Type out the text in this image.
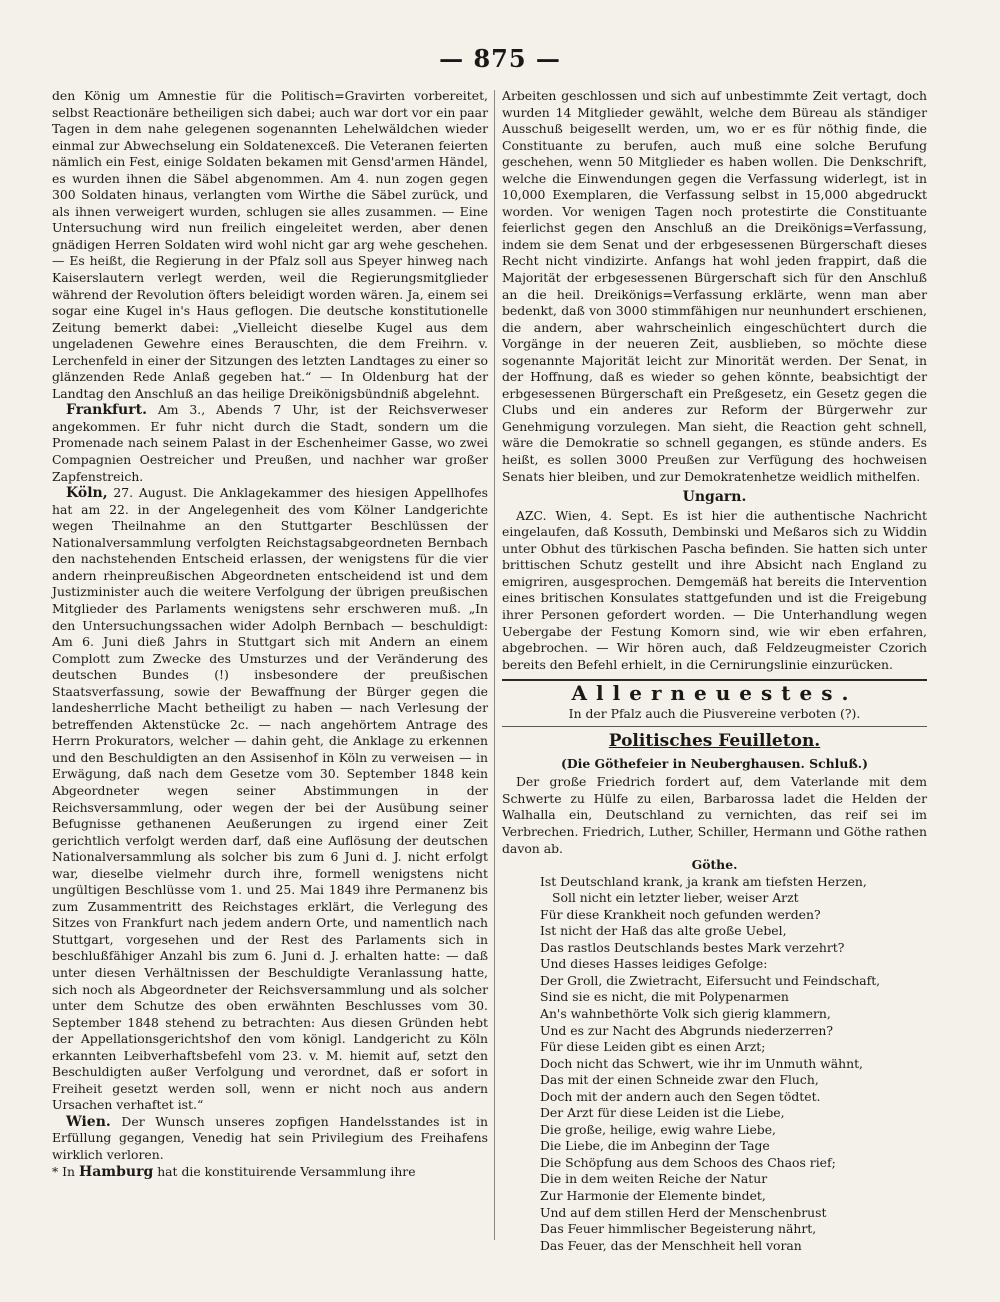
— 875 —

den König um Amnestie für die Politisch=Gravirten vorbereitet, selbst Reactionäre betheiligen sich dabei; auch war dort vor ein paar Tagen in dem nahe gelegenen sogenannten Lehelwäldchen wieder einmal zur Abwechselung ein Soldatenexceß. Die Veteranen feierten nämlich ein Fest, einige Soldaten bekamen mit Gensd'armen Händel, es wurden ihnen die Säbel abgenommen. Am 4. nun zogen gegen 300 Soldaten hinaus, verlangten vom Wirthe die Säbel zurück, und als ihnen verweigert wurden, schlugen sie alles zusammen. — Eine Untersuchung wird nun freilich eingeleitet werden, aber denen gnädigen Herren Soldaten wird wohl nicht gar arg wehe geschehen. — Es heißt, die Regierung in der Pfalz soll aus Speyer hinweg nach Kaiserslautern verlegt werden, weil die Regierungsmitglieder während der Revolution öfters beleidigt worden wären. Ja, einem sei sogar eine Kugel in's Haus geflogen. Die deutsche konstitutionelle Zeitung bemerkt dabei: „Vielleicht dieselbe Kugel aus dem ungeladenen Gewehre eines Berauschten, die dem Freihrn. v. Lerchenfeld in einer der Sitzungen des letzten Landtages zu einer so glänzenden Rede Anlaß gegeben hat.“ — In Oldenburg hat der Landtag den Anschluß an das heilige Dreikönigsbündniß abgelehnt.

Frankfurt. Am 3., Abends 7 Uhr, ist der Reichsverweser angekommen. Er fuhr nicht durch die Stadt, sondern um die Promenade nach seinem Palast in der Eschenheimer Gasse, wo zwei Compagnien Oestreicher und Preußen, und nachher war großer Zapfenstreich.

Köln, 27. August. Die Anklagekammer des hiesigen Appellhofes hat am 22. in der Angelegenheit des vom Kölner Landgerichte wegen Theilnahme an den Stuttgarter Beschlüssen der Nationalversammlung verfolgten Reichstagsabgeordneten Bernbach den nachstehenden Entscheid erlassen, der wenigstens für die vier andern rheinpreußischen Abgeordneten entscheidend ist und dem Justizminister auch die weitere Verfolgung der übrigen preußischen Mitglieder des Parlaments wenigstens sehr erschweren muß. „In den Untersuchungssachen wider Adolph Bernbach — beschuldigt: Am 6. Juni dieß Jahrs in Stuttgart sich mit Andern an einem Complott zum Zwecke des Umsturzes und der Veränderung des deutschen Bundes (!) insbesondere der preußischen Staatsverfassung, sowie der Bewaffnung der Bürger gegen die landesherrliche Macht betheiligt zu haben — nach Verlesung der betreffenden Aktenstücke 2c. — nach angehörtem Antrage des Herrn Prokurators, welcher — dahin geht, die Anklage zu erkennen und den Beschuldigten an den Assisenhof in Köln zu verweisen — in Erwägung, daß nach dem Gesetze vom 30. September 1848 kein Abgeordneter wegen seiner Abstimmungen in der Reichsversammlung, oder wegen der bei der Ausübung seiner Befugnisse gethanenen Aeußerungen zu irgend einer Zeit gerichtlich verfolgt werden darf, daß eine Auflösung der deutschen Nationalversammlung als solcher bis zum 6 Juni d. J. nicht erfolgt war, dieselbe vielmehr durch ihre, formell wenigstens nicht ungültigen Beschlüsse vom 1. und 25. Mai 1849 ihre Permanenz bis zum Zusammentritt des Reichstages erklärt, die Verlegung des Sitzes von Frankfurt nach jedem andern Orte, und namentlich nach Stuttgart, vorgesehen und der Rest des Parlaments sich in beschlußfähiger Anzahl bis zum 6. Juni d. J. erhalten hatte: — daß unter diesen Verhältnissen der Beschuldigte Veranlassung hatte, sich noch als Abgeordneter der Reichsversammlung und als solcher unter dem Schutze des oben erwähnten Beschlusses vom 30. September 1848 stehend zu betrachten: Aus diesen Gründen hebt der Appellationsgerichtshof den vom königl. Landgericht zu Köln erkannten Leibverhaftsbefehl vom 23. v. M. hiemit auf, setzt den Beschuldigten außer Verfolgung und verordnet, daß er sofort in Freiheit gesetzt werden soll, wenn er nicht noch aus andern Ursachen verhaftet ist.“

Wien. Der Wunsch unseres zopfigen Handelsstandes ist in Erfüllung gegangen, Venedig hat sein Privilegium des Freihafens wirklich verloren.

* In Hamburg hat die konstituirende Versammlung ihre

Arbeiten geschlossen und sich auf unbestimmte Zeit vertagt, doch wurden 14 Mitglieder gewählt, welche dem Büreau als ständiger Ausschuß beigesellt werden, um, wo er es für nöthig finde, die Constituante zu berufen, auch muß eine solche Berufung geschehen, wenn 50 Mitglieder es haben wollen. Die Denkschrift, welche die Einwendungen gegen die Verfassung widerlegt, ist in 10,000 Exemplaren, die Verfassung selbst in 15,000 abgedruckt worden. Vor wenigen Tagen noch protestirte die Constituante feierlichst gegen den Anschluß an die Dreikönigs=Verfassung, indem sie dem Senat und der erbgesessenen Bürgerschaft dieses Recht nicht vindizirte. Anfangs hat wohl jeden frappirt, daß die Majorität der erbgesessenen Bürgerschaft sich für den Anschluß an die heil. Dreikönigs=Verfassung erklärte, wenn man aber bedenkt, daß von 3000 stimmfähigen nur neunhundert erschienen, die andern, aber wahrscheinlich eingeschüchtert durch die Vorgänge in der neueren Zeit, ausblieben, so möchte diese sogenannte Majorität leicht zur Minorität werden. Der Senat, in der Hoffnung, daß es wieder so gehen könnte, beabsichtigt der erbgesessenen Bürgerschaft ein Preßgesetz, ein Gesetz gegen die Clubs und ein anderes zur Reform der Bürgerwehr zur Genehmigung vorzulegen. Man sieht, die Reaction geht schnell, wäre die Demokratie so schnell gegangen, es stünde anders. Es heißt, es sollen 3000 Preußen zur Verfügung des hochweisen Senats hier bleiben, und zur Demokratenhetze weidlich mithelfen.

Ungarn.

AZC. Wien, 4. Sept. Es ist hier die authentische Nachricht eingelaufen, daß Kossuth, Dembinski und Meßaros sich zu Widdin unter Obhut des türkischen Pascha befinden. Sie hatten sich unter brittischen Schutz gestellt und ihre Absicht nach England zu emigriren, ausgesprochen. Demgemäß hat bereits die Intervention eines britischen Konsulates stattgefunden und ist die Freigebung ihrer Personen gefordert worden. — Die Unterhandlung wegen Uebergabe der Festung Komorn sind, wie wir eben erfahren, abgebrochen. — Wir hören auch, daß Feldzeugmeister Czorich bereits den Befehl erhielt, in die Cernirungslinie einzurücken.

Allerneuestes.
In der Pfalz auch die Piusvereine verboten (?).
Politisches Feuilleton.
(Die Göthefeier in Neuberghausen. Schluß.)

Der große Friedrich fordert auf, dem Vaterlande mit dem Schwerte zu Hülfe zu eilen, Barbarossa ladet die Helden der Walhalla ein, Deutschland zu vernichten, das reif sei im Verbrechen. Friedrich, Luther, Schiller, Hermann und Göthe rathen davon ab.

Göthe.
Ist Deutschland krank, ja krank am tiefsten Herzen,
Soll nicht ein letzter lieber, weiser Arzt
Für diese Krankheit noch gefunden werden?
Ist nicht der Haß das alte große Uebel,
Das rastlos Deutschlands bestes Mark verzehrt?
Und dieses Hasses leidiges Gefolge:
Der Groll, die Zwietracht, Eifersucht und Feindschaft,
Sind sie es nicht, die mit Polypenarmen
An's wahnbethörte Volk sich gierig klammern,
Und es zur Nacht des Abgrunds niederzerren?
Für diese Leiden gibt es einen Arzt;
Doch nicht das Schwert, wie ihr im Unmuth wähnt,
Das mit der einen Schneide zwar den Fluch,
Doch mit der andern auch den Segen tödtet.
Der Arzt für diese Leiden ist die Liebe,
Die große, heilige, ewig wahre Liebe,
Die Liebe, die im Anbeginn der Tage
Die Schöpfung aus dem Schoos des Chaos rief;
Die in dem weiten Reiche der Natur
Zur Harmonie der Elemente bindet,
Und auf dem stillen Herd der Menschenbrust
Das Feuer himmlischer Begeisterung nährt,
Das Feuer, das der Menschheit hell voran
